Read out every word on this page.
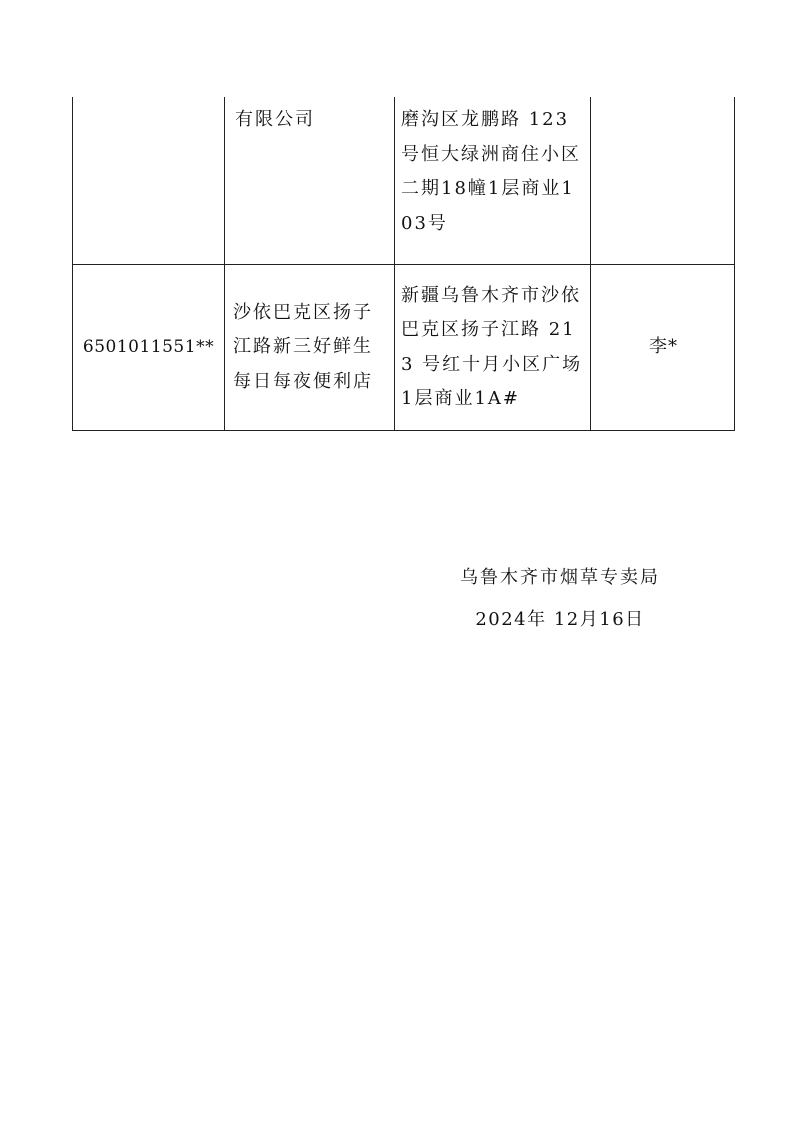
有限公司	磨沟区龙鹏路 123 号恒大绿洲商住小区二期18幢1层商业103号
6501011551**
沙依巴克区扬子江路新三好鲜生每日每夜便利店
新疆乌鲁木齐市沙依巴克区扬子江路 213 号红十月小区广场1层商业1A#
李*
乌鲁木齐市烟草专卖局
2024年 12月16日
